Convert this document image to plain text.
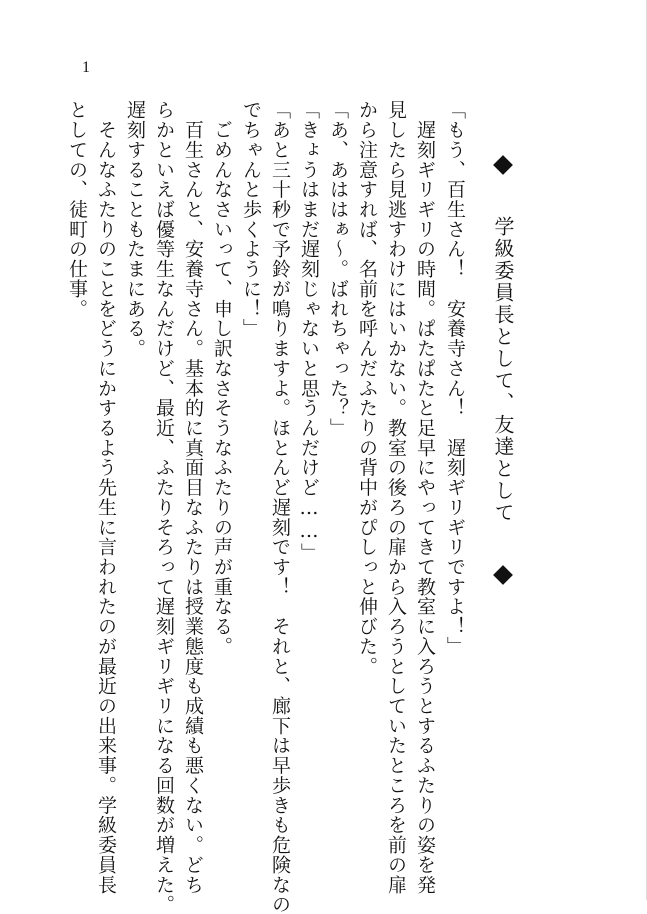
1
学級委員長として、友達として
「もう、百生さん！　安養寺さん！　遅刻ギリギリですよ！」
　遅刻ギリギリの時間。ぱたぱたと足早にやってきて教室に入ろうとするふたりの姿を発
見したら見逃すわけにはいかない。教室の後ろの扉から入ろうとしていたところを前の扉
から注意すれば、名前を呼んだふたりの背中がぴしっと伸びた。
「あ、あははぁ〜。ばれちゃった？」
「きょうはまだ遅刻じゃないと思うんだけど……」
「あと三十秒で予鈴が鳴りますよ。ほとんど遅刻です！　それと、廊下は早歩きも危険なの
でちゃんと歩くように！」
　ごめんなさいって、申し訳なさそうなふたりの声が重なる。
　百生さんと、安養寺さん。基本的に真面目なふたりは授業態度も成績も悪くない。どち
らかといえば優等生なんだけど、最近、ふたりそろって遅刻ギリギリになる回数が増えた。
遅刻することもたまにある。
　そんなふたりのことをどうにかするよう先生に言われたのが最近の出来事。学級委員長
としての、徒町の仕事。
